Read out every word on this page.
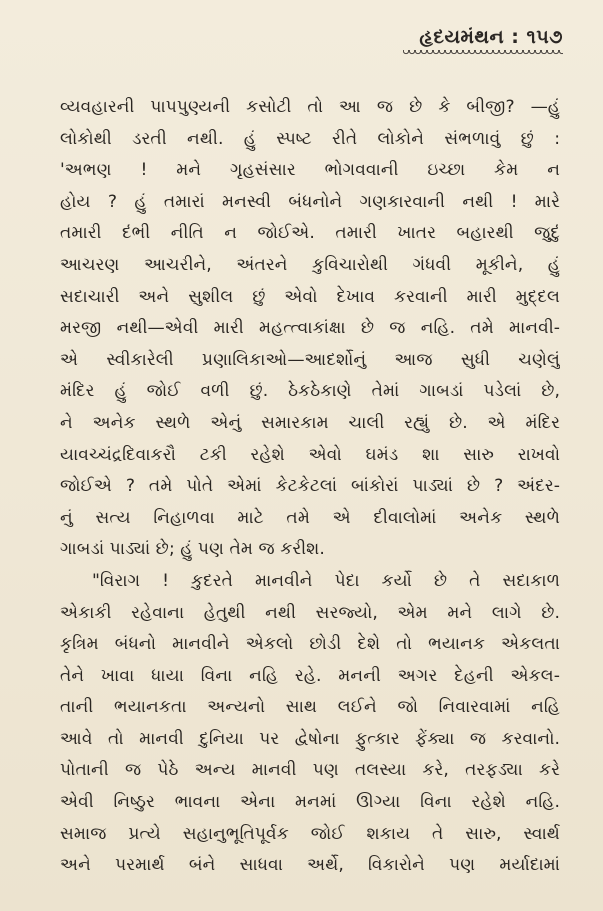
હૃદયમંથન : ૧૫૭
વ્યવહારની પાપપુણ્યની કસોટી તો આ જ છે કે બીજી? —હું
લોકોથી ડરતી નથી. હું સ્પષ્ટ રીતે લોકોને સંભળાવું છું :
'અભણ ! મને ગૃહસંસાર ભોગવવાની ઇચ્છા કેમ ન
હોય ? હું તમારાં મનસ્વી બંધનોને ગણકારવાની નથી ! મારે
તમારી દંભી નીતિ ન જોઈએ. તમારી ખાતર બહારથી જુદું
આચરણ આચરીને, અંતરને કુવિચારોથી ગંધવી મૂકીને, હું
સદાચારી અને સુશીલ છું એવો દેખાવ કરવાની મારી મુદ્દલ
મરજી નથી—એવી મારી મહત્ત્વાકાંક્ષા છે જ નહિ. તમે માનવી-
એ સ્વીકારેલી પ્રણાલિકાઓ—આદર્શોનું આજ સુધી ચણેલું
મંદિર હું જોઈ વળી છું. ઠેકઠેકાણે તેમાં ગાબડાં પડેલાં છે,
ને અનેક સ્થળે એનું સમારકામ ચાલી રહ્યું છે. એ મંદિર
યાવચ્ચંદ્રદિવાકરૌ ટકી રહેશે એવો ઘમંડ શા સારુ રાખવો
જોઈએ ? તમે પોતે એમાં કેટકેટલાં બાંકોરાં પાડ્યાં છે ? અંદર-
નું સત્ય નિહાળવા માટે તમે એ દીવાલોમાં અનેક સ્થળે
ગાબડાં પાડ્યાં છે; હું પણ તેમ જ કરીશ.
"વિરાગ ! કુદરતે માનવીને પેદા કર્યો છે તે સદાકાળ
એકાકી રહેવાના હેતુથી નથી સરજ્યો, એમ મને લાગે છે.
કૃત્રિમ બંધનો માનવીને એકલો છોડી દેશે તો ભયાનક એકલતા
તેને ખાવા ધાયા વિના નહિ રહે. મનની અગર દેહની એકલ-
તાની ભયાનકતા અન્યનો સાથ લઈને જો નિવારવામાં નહિ
આવે તો માનવી દુનિયા પર દ્વેષોના ફુત્કાર ફેંક્યા જ કરવાનો.
પોતાની જ પેઠે અન્ય માનવી પણ તલસ્યા કરે, તરફડ્યા કરે
એવી નિષ્ઠુર ભાવના એના મનમાં ઊગ્યા વિના રહેશે નહિ.
સમાજ પ્રત્યે સહાનુભૂતિપૂર્વક જોઈ શકાય તે સારુ, સ્વાર્થ
અને પરમાર્થ બંને સાધવા અર્થે, વિકારોને પણ મર્યાદામાં
